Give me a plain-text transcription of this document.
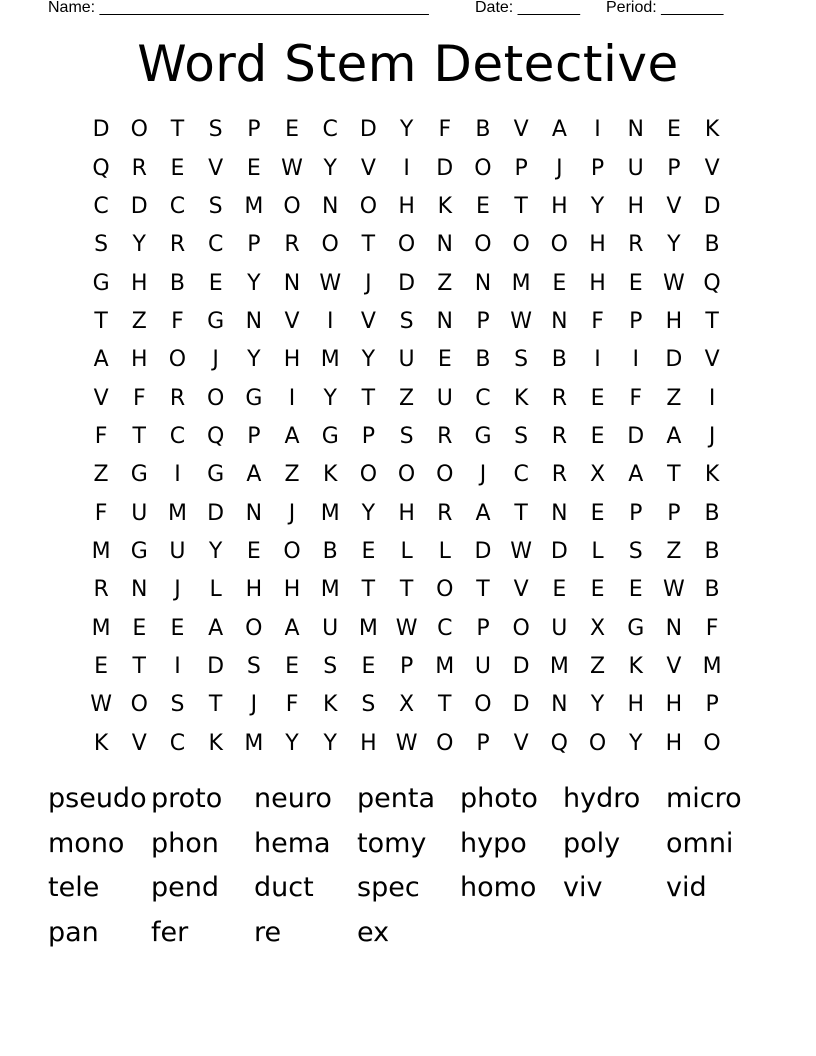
Name: _____________________________________	Date: _______ Period: _______
Word Stem Detective
D O	T	S	P	E	C	D	Y	F	B	V	A	I	N	E	K
Q R	E	V	E W Y	V	I	D O	P	J	P	U	P	V
C	D	C	S M O N O H	K	E	T	H	Y	H	V	D
S	Y	R	C	P	R O	T	O N O O O H	R	Y	B
G H	B	E	Y	N W	J	D	Z	N M E	H	E W Q
T	Z	F	G N	V	I	V	S	N	P W N	F	P	H	T
A	H O	J	Y	H M Y	U	E	B	S	B	I	I	D	V
V	F	R O G	I	Y	T	Z	U	C	K	R	E	F	Z	I
F	T	C Q	P	A	G	P	S	R	G	S	R	E	D	A	J
Z	G	I	G	A	Z	K	O O O	J	C	R	X	A	T	K
F	U M D N	J	M Y	H	R	A	T	N	E	P	P	B
M G U	Y	E	O B	E	L	L	D W D	L	S	Z	B
R	N	J	L	H H M T	T	O	T	V	E	E	E W B
M E	E	A O	A	U M W C	P	O U	X	G N	F
E	T	I	D	S	E	S	E	P	M U D M Z	K	V M
W O	S	T	J	F	K	S	X	T	O D N	Y	H H	P
K	V	C	K M Y	Y	H W O	P	V Q O	Y	H O
pseudo proto	neuro penta photo hydro micro
mono phon	hema tomy	hypo	poly	omni
tele	pend	duct	spec	homo viv	vid
pan	fer	re	ex
